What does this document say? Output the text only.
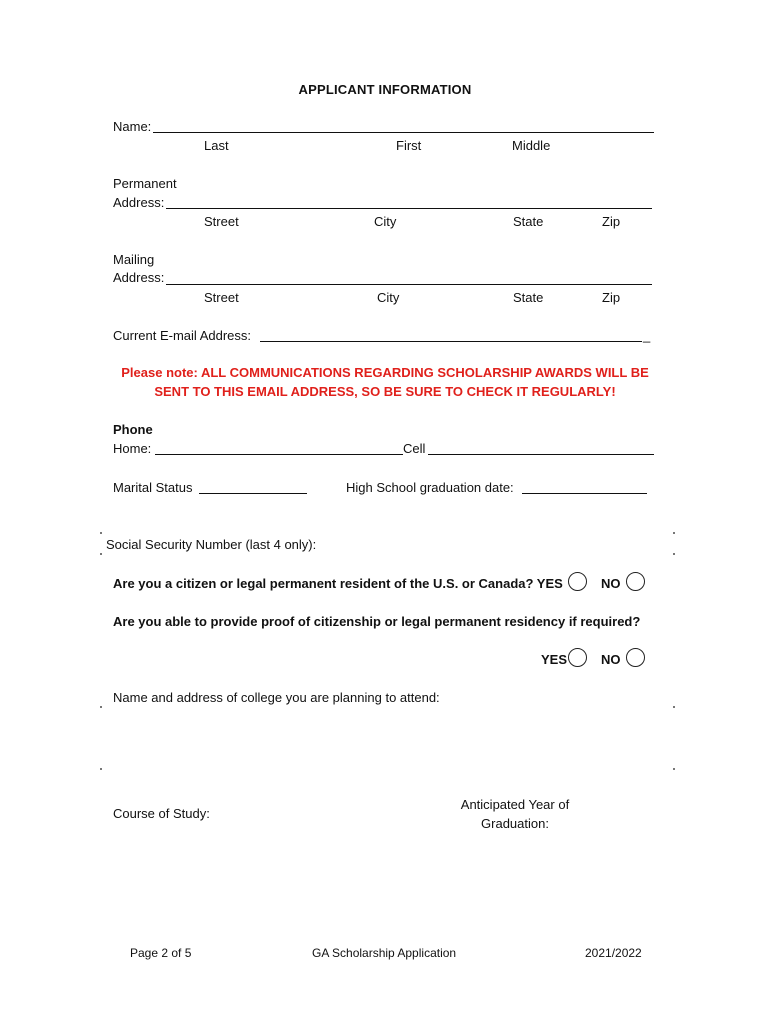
APPLICANT INFORMATION
Name:
Last	First	Middle
Permanent
Address:
Street	City	State	Zip
Mailing
Address:
Street	City	State	Zip
Current E-mail Address:	_
Please note: ALL COMMUNICATIONS REGARDING SCHOLARSHIP AWARDS WILL BE
SENT TO THIS EMAIL ADDRESS, SO BE SURE TO CHECK IT REGULARLY!
Phone
Home:	Cell
Marital Status	High School graduation date:
Social Security Number (last 4 only):
Are you a citizen or legal permanent resident of the U.S. or Canada? YES	NO
Are you able to provide proof of citizenship or legal permanent residency if required?
YES	NO
Name and address of college you are planning to attend:
Course of Study:
Anticipated Year of
Graduation:
Page 2 of 5	GA Scholarship Application	2021/2022
